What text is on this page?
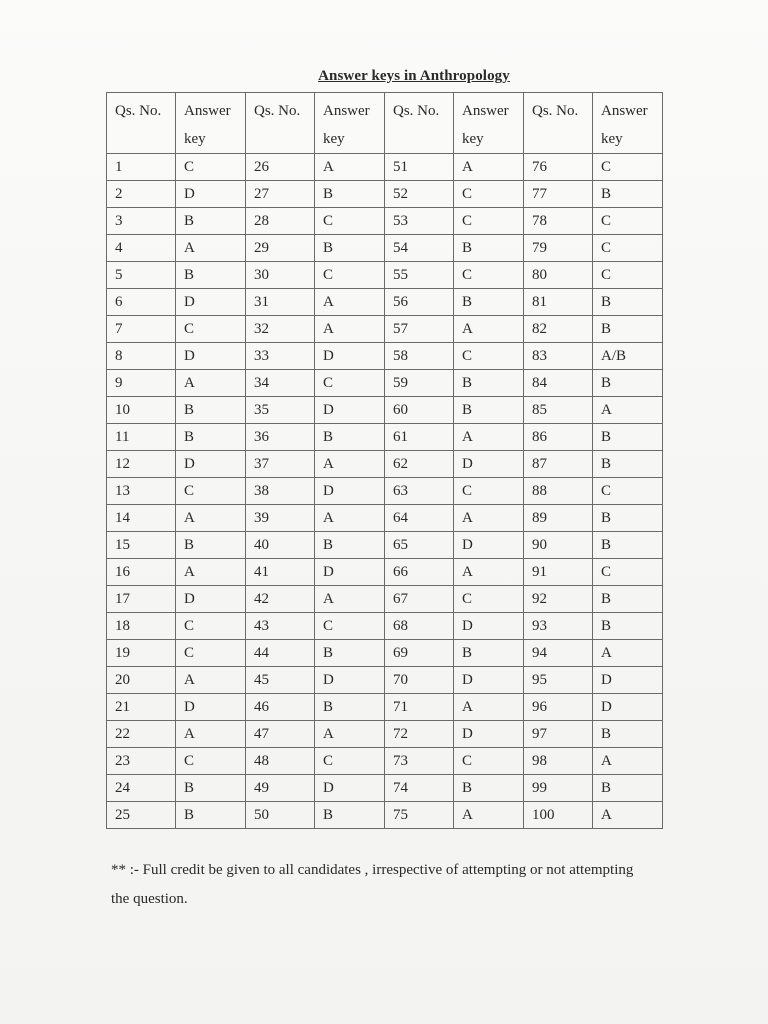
Answer keys in Anthropology
Qs. No.	Answer key	Qs. No.	Answer key	Qs. No.	Answer key	Qs. No.	Answer key
1	C	26	A	51	A	76	C
2	D	27	B	52	C	77	B
3	B	28	C	53	C	78	C
4	A	29	B	54	B	79	C
5	B	30	C	55	C	80	C
6	D	31	A	56	B	81	B
7	C	32	A	57	A	82	B
8	D	33	D	58	C	83	A/B
9	A	34	C	59	B	84	B
10	B	35	D	60	B	85	A
11	B	36	B	61	A	86	B
12	D	37	A	62	D	87	B
13	C	38	D	63	C	88	C
14	A	39	A	64	A	89	B
15	B	40	B	65	D	90	B
16	A	41	D	66	A	91	C
17	D	42	A	67	C	92	B
18	C	43	C	68	D	93	B
19	C	44	B	69	B	94	A
20	A	45	D	70	D	95	D
21	D	46	B	71	A	96	D
22	A	47	A	72	D	97	B
23	C	48	C	73	C	98	A
24	B	49	D	74	B	99	B
25	B	50	B	75	A	100	A
** :- Full credit be given to all candidates , irrespective of attempting or not attempting
the question.
